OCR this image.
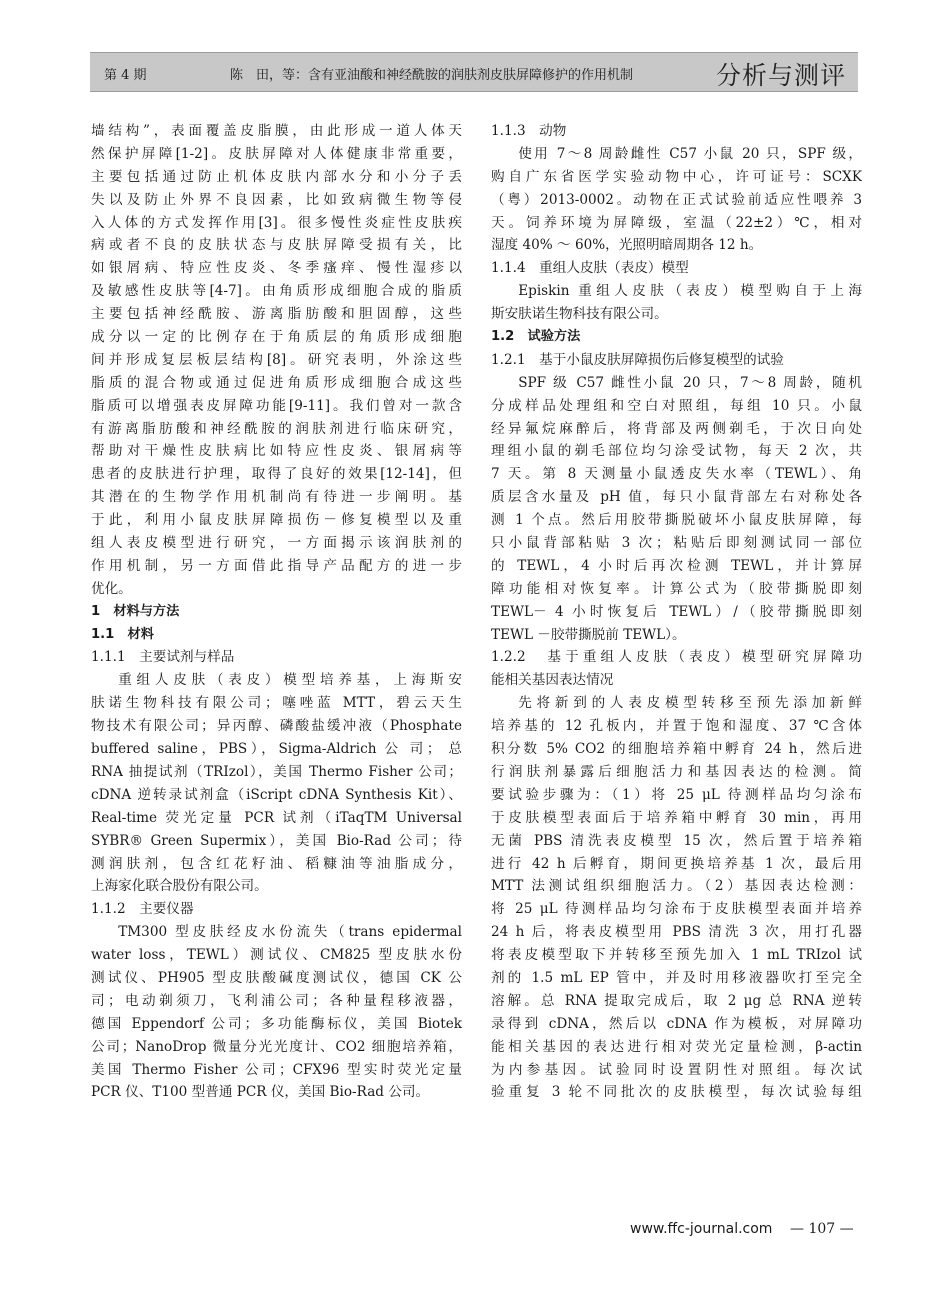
第 4 期	陈　田，等：含有亚油酸和神经酰胺的润肤剂皮肤屏障修护的作用机制	分析与测评
墙结构”，表面覆盖皮脂膜，由此形成一道人体天
然保护屏障[1-2]。皮肤屏障对人体健康非常重要，
主要包括通过防止机体皮肤内部水分和小分子丢
失以及防止外界不良因素，比如致病微生物等侵
入人体的方式发挥作用[3]。很多慢性炎症性皮肤疾
病或者不良的皮肤状态与皮肤屏障受损有关，比
如银屑病、特应性皮炎、冬季瘙痒、慢性湿疹以
及敏感性皮肤等[4-7]。由角质形成细胞合成的脂质
主要包括神经酰胺、游离脂肪酸和胆固醇，这些
成分以一定的比例存在于角质层的角质形成细胞
间并形成复层板层结构[8]。研究表明，外涂这些
脂质的混合物或通过促进角质形成细胞合成这些
脂质可以增强表皮屏障功能[9-11]。我们曾对一款含
有游离脂肪酸和神经酰胺的润肤剂进行临床研究，
帮助对干燥性皮肤病比如特应性皮炎、银屑病等
患者的皮肤进行护理，取得了良好的效果[12-14]，但
其潜在的生物学作用机制尚有待进一步阐明。基
于此，利用小鼠皮肤屏障损伤－修复模型以及重
组人表皮模型进行研究，一方面揭示该润肤剂的
作用机制，另一方面借此指导产品配方的进一步
优化。
1　材料与方法
1.1　材料
1.1.1　主要试剂与样品
重组人皮肤（表皮）模型培养基，上海斯安
肤诺生物科技有限公司；噻唑蓝 MTT，碧云天生
物技术有限公司；异丙醇、磷酸盐缓冲液（Phosphate
buffered saline，PBS），Sigma-Aldrich 公 司； 总
RNA 抽提试剂（TRIzol），美国 Thermo Fisher 公司；
cDNA 逆转录试剂盒（iScript cDNA Synthesis Kit）、
Real-time 荧光定量 PCR 试剂（iTaqTM Universal
SYBR® Green Supermix），美国 Bio-Rad 公司；待
测润肤剂，包含红花籽油、稻糠油等油脂成分，
上海家化联合股份有限公司。
1.1.2　主要仪器
TM300 型皮肤经皮水份流失（trans epidermal
water loss，TEWL）测试仪、CM825 型皮肤水份
测试仪、PH905 型皮肤酸碱度测试仪，德国 CK 公
司；电动剃须刀，飞利浦公司；各种量程移液器，
德国 Eppendorf 公司；多功能酶标仪，美国 Biotek
公司；NanoDrop 微量分光光度计、CO2 细胞培养箱，
美国 Thermo Fisher 公司；CFX96 型实时荧光定量
PCR 仪、T100 型普通 PCR 仪，美国 Bio-Rad 公司。
1.1.3　动物
使用 7～8 周龄雌性 C57 小鼠 20 只，SPF 级，
购自广东省医学实验动物中心，许可证号：SCXK
（粤）2013-0002。动物在正式试验前适应性喂养 3
天。饲养环境为屏障级，室温（22±2）℃，相对
湿度 40% ～ 60%，光照明暗周期各 12 h。
1.1.4　重组人皮肤（表皮）模型
Episkin 重组人皮肤（表皮）模型购自于上海
斯安肤诺生物科技有限公司。
1.2　试验方法
1.2.1　基于小鼠皮肤屏障损伤后修复模型的试验
SPF 级 C57 雌性小鼠 20 只，7～8 周龄，随机
分成样品处理组和空白对照组，每组 10 只。小鼠
经异氟烷麻醉后，将背部及两侧剃毛，于次日向处
理组小鼠的剃毛部位均匀涂受试物，每天 2 次，共
7 天。第 8 天测量小鼠透皮失水率（TEWL）、角
质层含水量及 pH 值，每只小鼠背部左右对称处各
测 1 个点。然后用胶带撕脱破坏小鼠皮肤屏障，每
只小鼠背部粘贴 3 次；粘贴后即刻测试同一部位
的 TEWL，4 小时后再次检测 TEWL，并计算屏
障功能相对恢复率。计算公式为（胶带撕脱即刻
TEWL－ 4 小时恢复后 TEWL）/（胶带撕脱即刻
TEWL －胶带撕脱前 TEWL）。
1.2.2　基于重组人皮肤（表皮）模型研究屏障功
能相关基因表达情况
先将新到的人表皮模型转移至预先添加新鲜
培养基的 12 孔板内，并置于饱和湿度、37 ℃含体
积分数 5% CO2 的细胞培养箱中孵育 24 h，然后进
行润肤剂暴露后细胞活力和基因表达的检测。简
要试验步骤为：（1）将 25 μL 待测样品均匀涂布
于皮肤模型表面后于培养箱中孵育 30 min，再用
无菌 PBS 清洗表皮模型 15 次，然后置于培养箱
进行 42 h 后孵育，期间更换培养基 1 次，最后用
MTT 法测试组织细胞活力。（2）基因表达检测：
将 25 μL 待测样品均匀涂布于皮肤模型表面并培养
24 h 后，将表皮模型用 PBS 清洗 3 次，用打孔器
将表皮模型取下并转移至预先加入 1 mL TRIzol 试
剂的 1.5 mL EP 管中，并及时用移液器吹打至完全
溶解。总 RNA 提取完成后，取 2 μg 总 RNA 逆转
录得到 cDNA，然后以 cDNA 作为模板，对屏障功
能相关基因的表达进行相对荧光定量检测，β-actin
为内参基因。试验同时设置阴性对照组。每次试
验重复 3 轮不同批次的皮肤模型，每次试验每组
www.ffc-journal.com — 107 —
